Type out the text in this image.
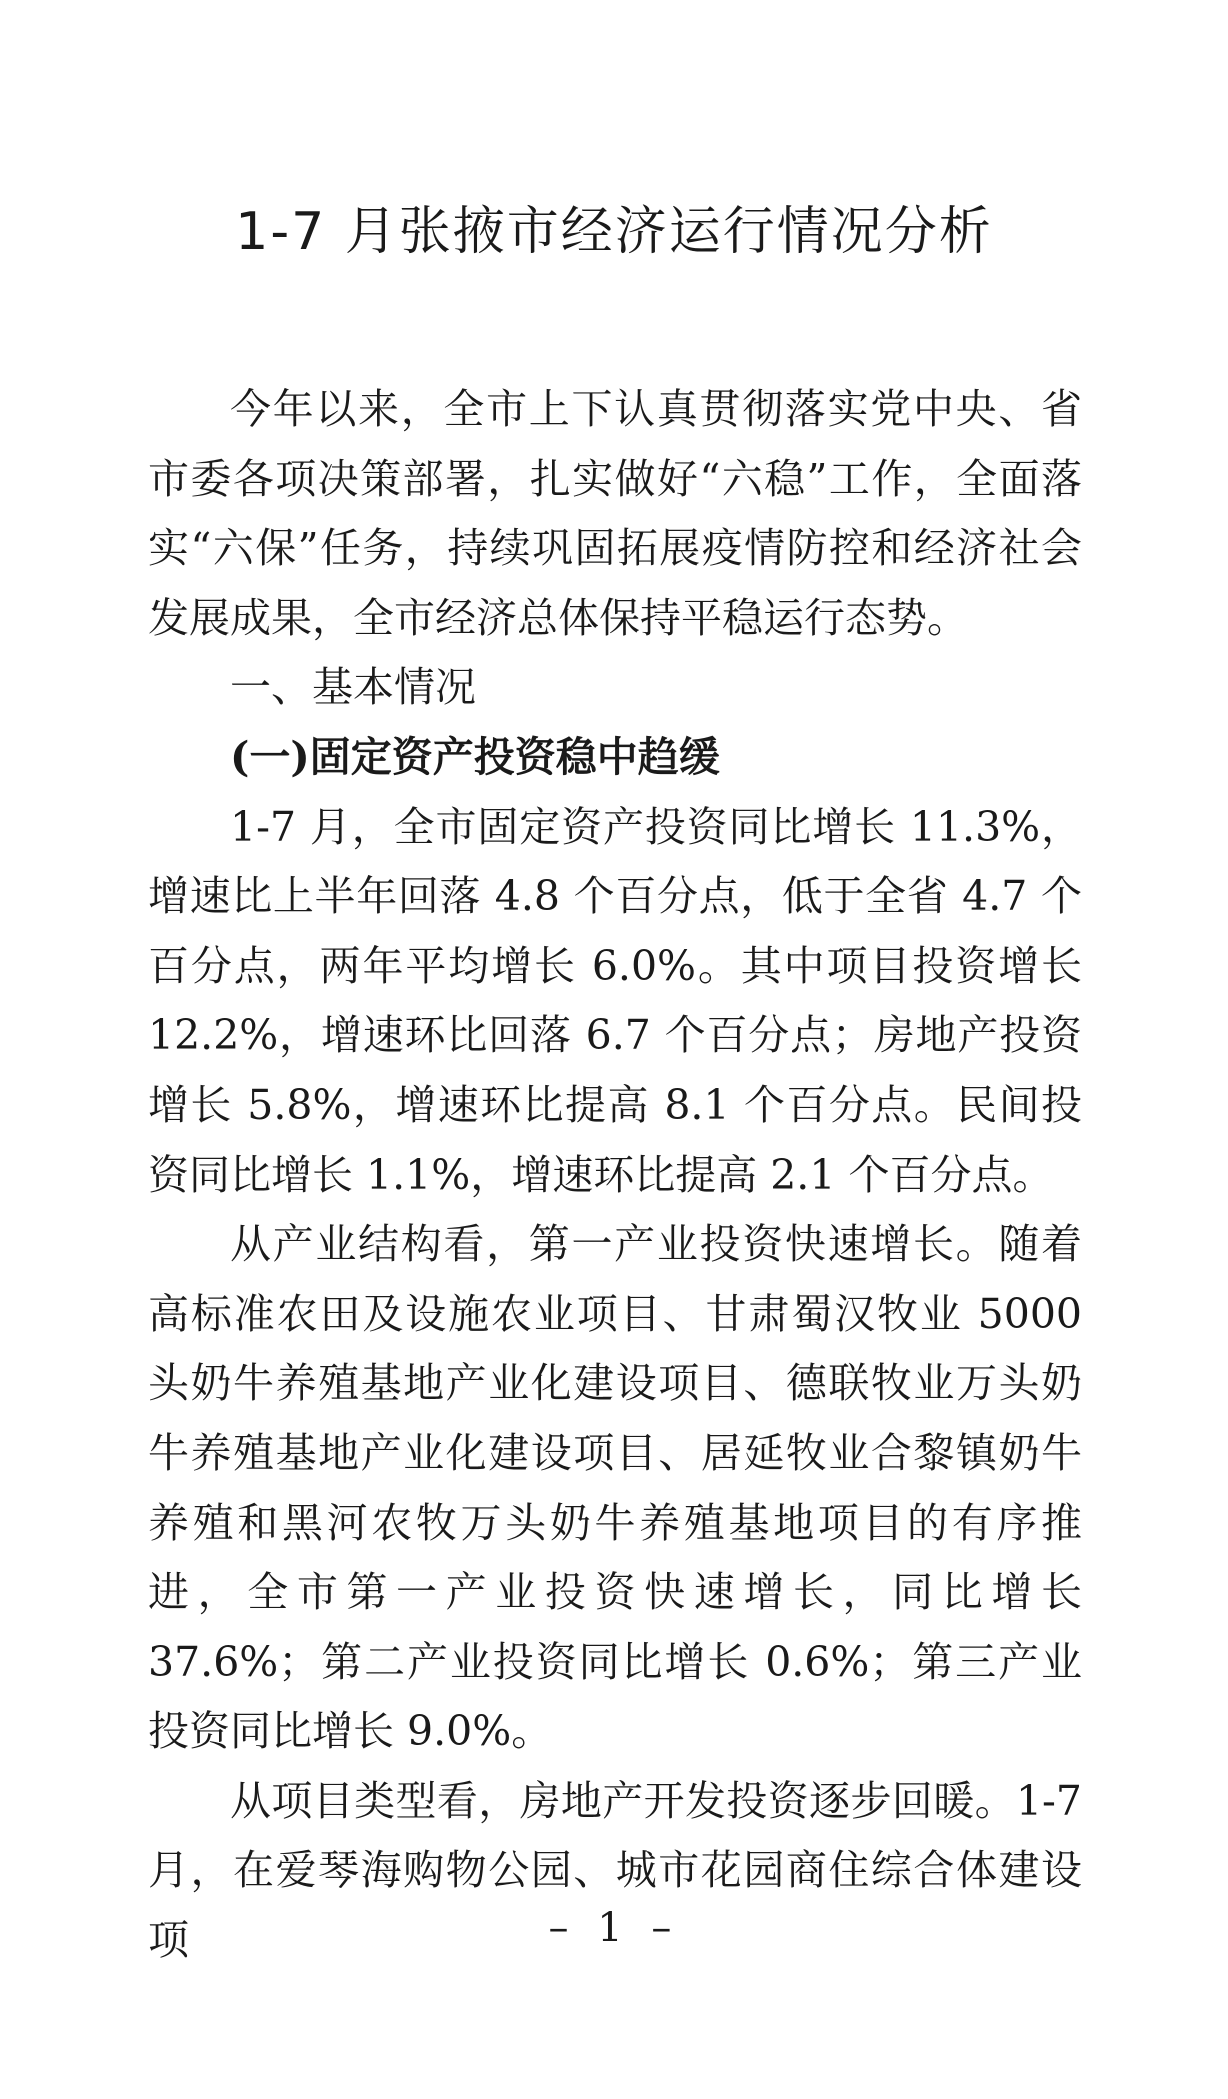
1-7 月张掖市经济运行情况分析

今年以来，全市上下认真贯彻落实党中央、省市委各项决策部署，扎实做好“六稳”工作，全面落实“六保”任务，持续巩固拓展疫情防控和经济社会发展成果，全市经济总体保持平稳运行态势。

一、基本情况

(一)固定资产投资稳中趋缓

1-7 月，全市固定资产投资同比增长 11.3%，增速比上半年回落 4.8 个百分点，低于全省 4.7 个百分点，两年平均增长 6.0%。其中项目投资增长 12.2%，增速环比回落 6.7 个百分点；房地产投资增长 5.8%，增速环比提高 8.1 个百分点。民间投资同比增长 1.1%，增速环比提高 2.1 个百分点。

从产业结构看，第一产业投资快速增长。随着高标准农田及设施农业项目、甘肃蜀汉牧业 5000 头奶牛养殖基地产业化建设项目、德联牧业万头奶牛养殖基地产业化建设项目、居延牧业合黎镇奶牛养殖和黑河农牧万头奶牛养殖基地项目的有序推进，全市第一产业投资快速增长，同比增长 37.6%；第二产业投资同比增长 0.6%；第三产业投资同比增长 9.0%。

从项目类型看，房地产开发投资逐步回暖。1-7 月，在爱琴海购物公园、城市花园商住综合体建设项	– 1 –
